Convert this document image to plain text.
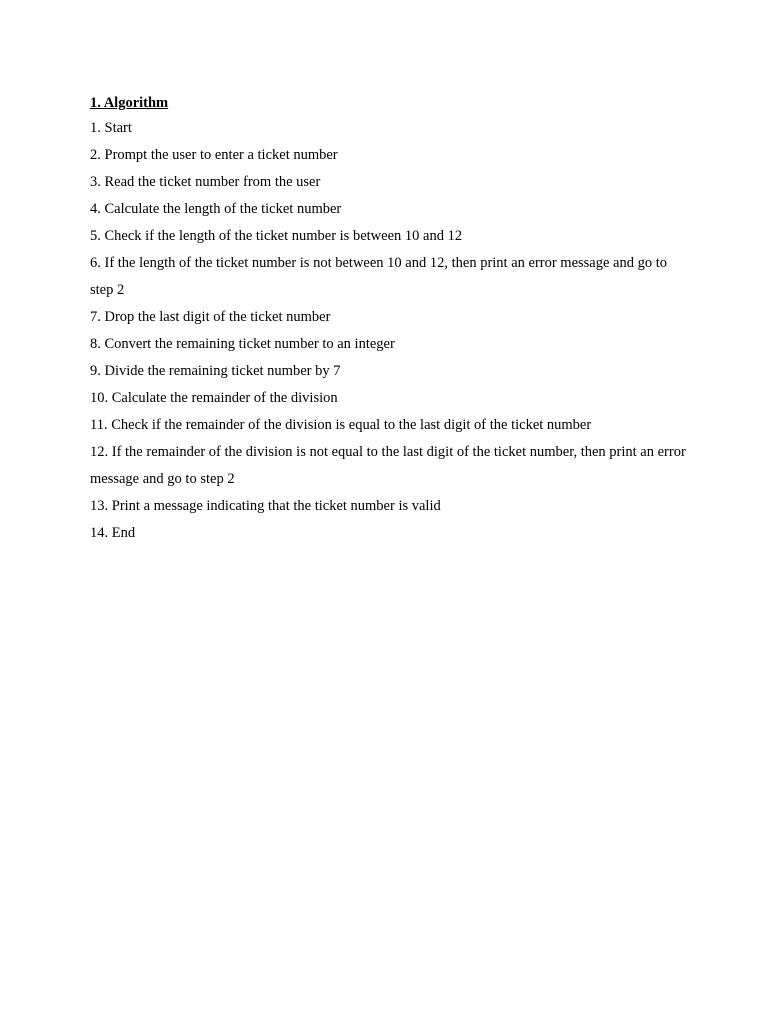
1. Algorithm
1. Start
2. Prompt the user to enter a ticket number
3. Read the ticket number from the user
4. Calculate the length of the ticket number
5. Check if the length of the ticket number is between 10 and 12
6. If the length of the ticket number is not between 10 and 12, then print an error message and go to step 2
7. Drop the last digit of the ticket number
8. Convert the remaining ticket number to an integer
9. Divide the remaining ticket number by 7
10. Calculate the remainder of the division
11. Check if the remainder of the division is equal to the last digit of the ticket number
12. If the remainder of the division is not equal to the last digit of the ticket number, then print an error message and go to step 2
13. Print a message indicating that the ticket number is valid
14. End
